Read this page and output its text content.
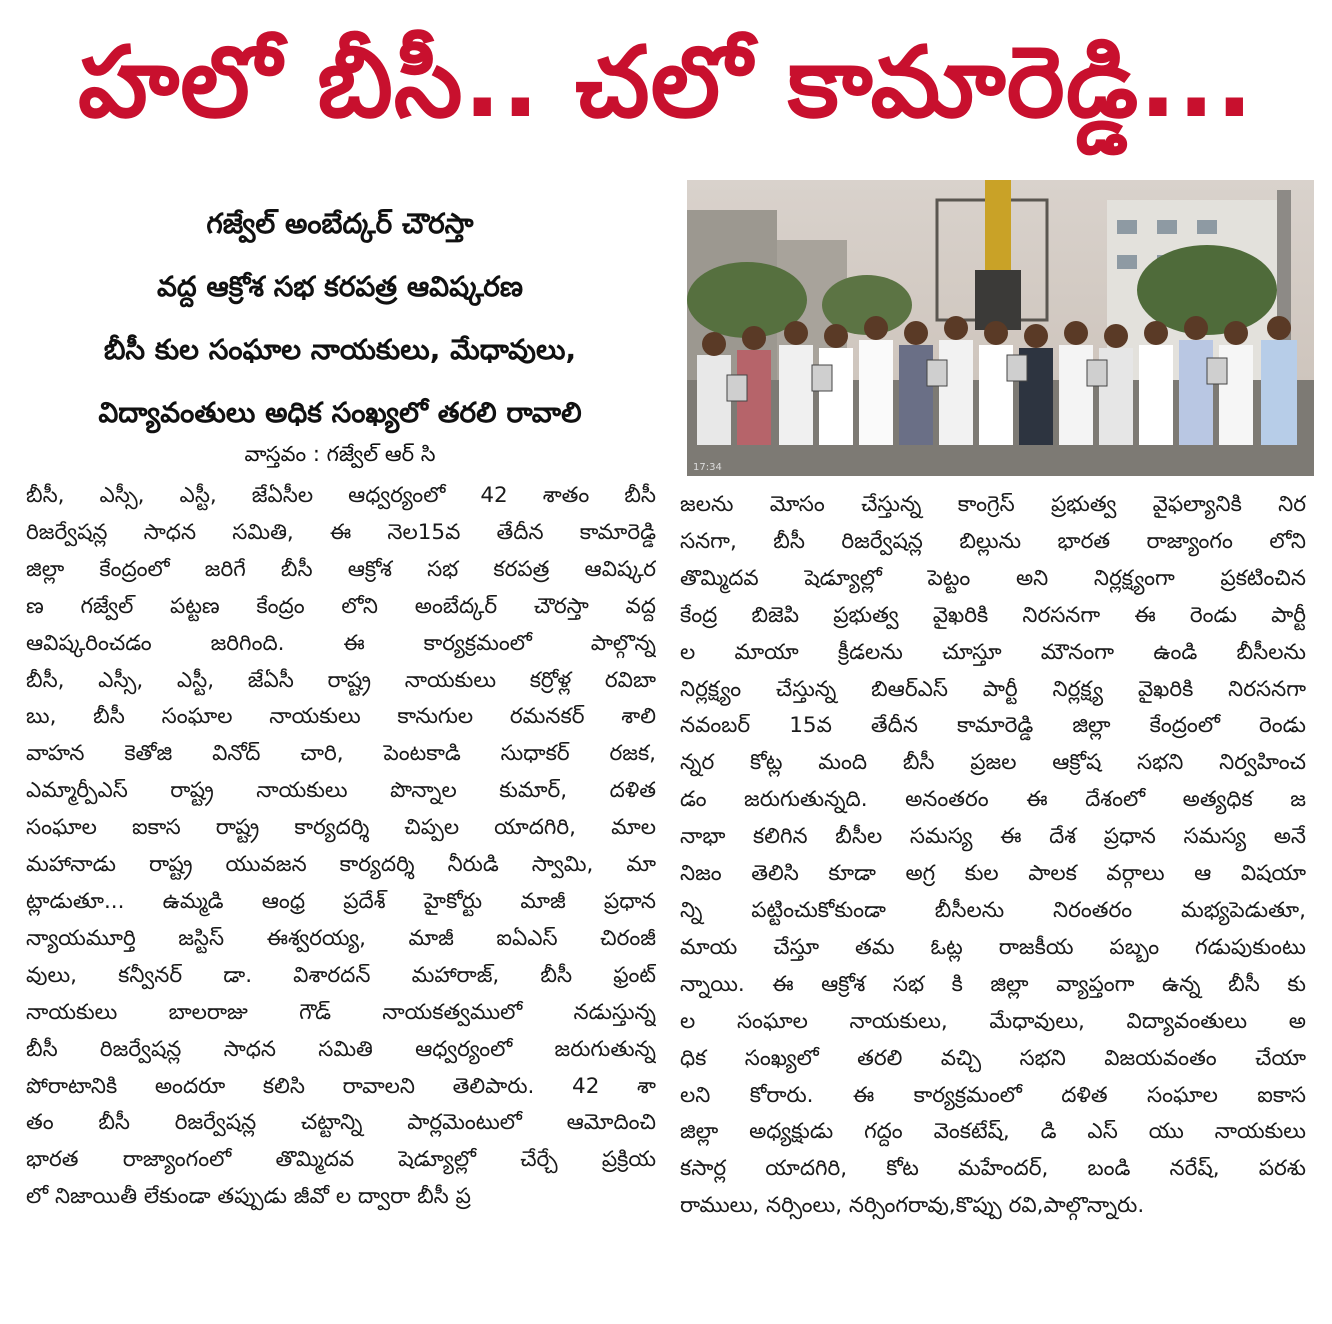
హలో బీసీ.. చలో కామారెడ్డి...
గజ్వేల్ అంబేద్కర్ చౌరస్తా
వద్ద ఆక్రోశ సభ కరపత్ర ఆవిష్కరణ
బీసీ కుల సంఘాల నాయకులు, మేధావులు,
విద్యావంతులు అధిక సంఖ్యలో తరలి రావాలి
వాస్తవం : గజ్వేల్ ఆర్ సి
17:34
బీసీ, ఎస్సీ, ఎస్టీ, జేఏసీల ఆధ్వర్యంలో 42 శాతం బీసీ
రిజర్వేషన్ల సాధన సమితి, ఈ నెల15వ తేదీన కామారెడ్డి
జిల్లా కేంద్రంలో జరిగే బీసీ ఆక్రోశ సభ కరపత్ర ఆవిష్కర
ణ గజ్వేల్ పట్టణ కేంద్రం లోని అంబేద్కర్ చౌరస్తా వద్ద
ఆవిష్కరించడం జరిగింది. ఈ కార్యక్రమంలో పాల్గొన్న
బీసీ, ఎస్సీ, ఎస్టీ, జేఏసీ రాష్ట్ర నాయకులు కర్రోళ్ల రవిబా
బు, బీసీ సంఘాల నాయకులు కానుగుల రమనకర్ శాలి
వాహన కెతోజి వినోద్ చారి, పెంటకాడి సుధాకర్ రజక,
ఎమ్మార్పీఎస్ రాష్ట్ర నాయకులు పొన్నాల కుమార్, దళిత
సంఘాల ఐకాస రాష్ట్ర కార్యదర్శి చిప్పల యాదగిరి, మాల
మహానాడు రాష్ట్ర యువజన కార్యదర్శి నీరుడి స్వామి, మా
ట్లాడుతూ... ఉమ్మడి ఆంధ్ర ప్రదేశ్ హైకోర్టు మాజీ ప్రధాన
న్యాయమూర్తి జస్టిస్ ఈశ్వరయ్య, మాజీ ఐఏఎస్ చిరంజీ
వులు, కన్వీనర్ డా. విశారదన్ మహారాజ్, బీసీ ఫ్రంట్
నాయకులు బాలరాజు గౌడ్ నాయకత్వములో నడుస్తున్న
బీసీ రిజర్వేషన్ల సాధన సమితి ఆధ్వర్యంలో జరుగుతున్న
పోరాటానికి అందరూ కలిసి రావాలని తెలిపారు. 42 శా
తం బీసీ రిజర్వేషన్ల చట్టాన్ని పార్లమెంటులో ఆమోదించి
భారత రాజ్యాంగంలో తొమ్మిదవ షెడ్యూల్లో చేర్చే ప్రక్రియ
లో నిజాయితీ లేకుండా తప్పుడు జీవో ల ద్వారా బీసీ ప్ర
జలను మోసం చేస్తున్న కాంగ్రెస్ ప్రభుత్వ వైఫల్యానికి నిర
సనగా, బీసీ రిజర్వేషన్ల బిల్లును భారత రాజ్యాంగం లోని
తొమ్మిదవ షెడ్యూల్లో పెట్టం అని నిర్లక్ష్యంగా ప్రకటించిన
కేంద్ర బిజెపి ప్రభుత్వ వైఖరికి నిరసనగా ఈ రెండు పార్టీ
ల మాయా క్రీడలను చూస్తూ మౌనంగా ఉండి బీసీలను
నిర్లక్ష్యం చేస్తున్న బిఆర్ఎస్ పార్టీ నిర్లక్ష్య వైఖరికి నిరసనగా
నవంబర్ 15వ తేదీన కామారెడ్డి జిల్లా కేంద్రంలో రెండు
న్నర కోట్ల మంది బీసీ ప్రజల ఆక్రోష సభని నిర్వహించ
డం జరుగుతున్నది. అనంతరం ఈ దేశంలో అత్యధిక జ
నాభా కలిగిన బీసీల సమస్య ఈ దేశ ప్రధాన సమస్య అనే
నిజం తెలిసి కూడా అగ్ర కుల పాలక వర్గాలు ఆ విషయా
న్ని పట్టించుకోకుండా బీసీలను నిరంతరం మభ్యపెడుతూ,
మాయ చేస్తూ తమ ఓట్ల రాజకీయ పబ్బం గడుపుకుంటు
న్నాయి. ఈ ఆక్రోశ సభ కి జిల్లా వ్యాప్తంగా ఉన్న బీసీ కు
ల సంఘాల నాయకులు, మేధావులు, విద్యావంతులు అ
ధిక సంఖ్యలో తరలి వచ్చి సభని విజయవంతం చేయా
లని కోరారు. ఈ కార్యక్రమంలో దళిత సంఘాల ఐకాస
జిల్లా అధ్యక్షుడు గద్దం వెంకటేష్, డి ఎస్ యు నాయకులు
కసార్ల యాదగిరి, కోట మహేందర్, బండి నరేష్, పరశు
రాములు, నర్సింలు, నర్సింగరావు,కొప్పు రవి,పాల్గొన్నారు.
